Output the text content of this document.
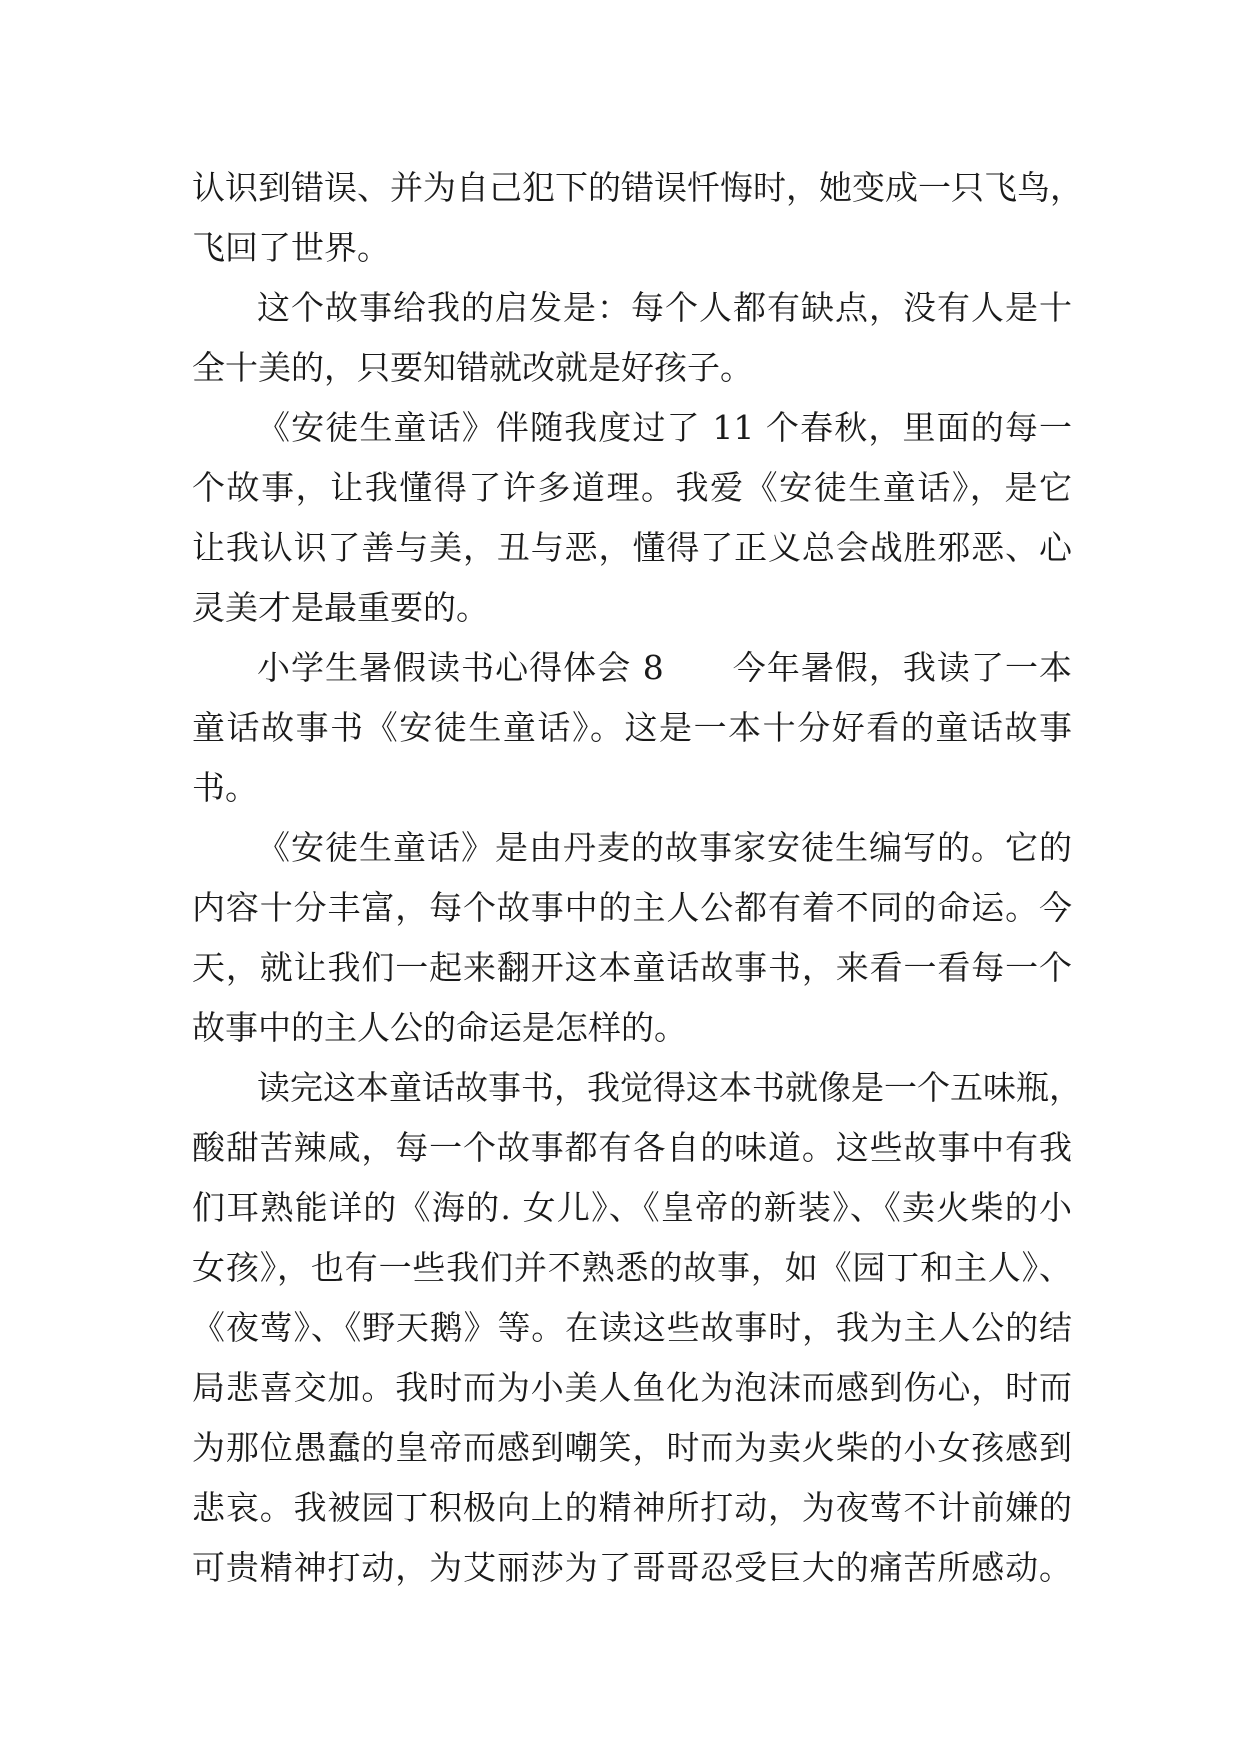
认识到错误、并为自己犯下的错误忏悔时，她变成一只飞鸟，
飞回了世界。
这个故事给我的启发是：每个人都有缺点，没有人是十
全十美的，只要知错就改就是好孩子。
《安徒生童话》伴随我度过了 11 个春秋，里面的每一
个故事，让我懂得了许多道理。我爱《安徒生童话》，是它
让我认识了善与美，丑与恶，懂得了正义总会战胜邪恶、心
灵美才是最重要的。
小学生暑假读书心得体会 8　　今年暑假，我读了一本
童话故事书《安徒生童话》。这是一本十分好看的童话故事
书。
《安徒生童话》是由丹麦的故事家安徒生编写的。它的
内容十分丰富，每个故事中的主人公都有着不同的命运。今
天，就让我们一起来翻开这本童话故事书，来看一看每一个
故事中的主人公的命运是怎样的。
读完这本童话故事书，我觉得这本书就像是一个五味瓶，
酸甜苦辣咸，每一个故事都有各自的味道。这些故事中有我
们耳熟能详的《海的. 女儿》、《皇帝的新装》、《卖火柴的小
女孩》，也有一些我们并不熟悉的故事，如《园丁和主人》、
《夜莺》、《野天鹅》等。在读这些故事时，我为主人公的结
局悲喜交加。我时而为小美人鱼化为泡沫而感到伤心，时而
为那位愚蠢的皇帝而感到嘲笑，时而为卖火柴的小女孩感到
悲哀。我被园丁积极向上的精神所打动，为夜莺不计前嫌的
可贵精神打动，为艾丽莎为了哥哥忍受巨大的痛苦所感动。
